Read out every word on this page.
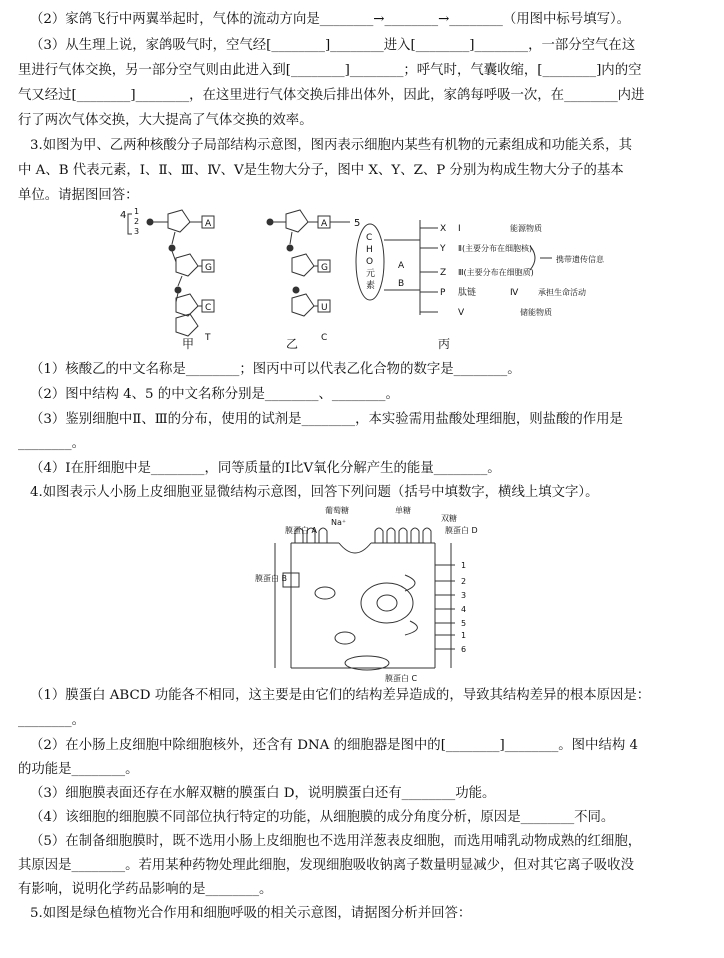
（2）家鸽飞行中两翼举起时，气体的流动方向是________→________→________（用图中标号填写）。
（3）从生理上说，家鸽吸气时，空气经[________]________进入[________]________，一部分空气在这
里进行气体交换，另一部分空气则由此进入到[________]________；呼气时，气囊收缩，[________]内的空
气又经过[________]________，在这里进行气体交换后排出体外，因此，家鸽每呼吸一次，在________内进
行了两次气体交换，大大提高了气体交换的效率。
3.如图为甲、乙两种核酸分子局部结构示意图，图丙表示细胞内某些有机物的元素组成和功能关系，其
中 A、B 代表元素，Ⅰ、Ⅱ、Ⅲ、Ⅳ、Ⅴ是生物大分子，图中 X、Y、Z、P 分别为构成生物大分子的基本
单位。请据图回答：
4 1
2
3
A
G
C
T
A
G
U
C
5
C
H
O
元
素
A
B
X
Y
Z
P
Ⅰ
Ⅱ(主要分布在细胞核)
Ⅲ(主要分布在细胞质)
肽链	Ⅳ
Ⅴ
能源物质
携带遗传信息
承担生命活动
储能物质
甲	乙	丙
（1）核酸乙的中文名称是________；图丙中可以代表乙化合物的数字是________。
（2）图中结构 4、5 的中文名称分别是________、________。
（3）鉴别细胞中Ⅱ、Ⅲ的分布，使用的试剂是________，本实验需用盐酸处理细胞，则盐酸的作用是
________。
（4）Ⅰ在肝细胞中是________，同等质量的Ⅰ比Ⅴ氧化分解产生的能量________。
4.如图表示人小肠上皮细胞亚显微结构示意图，回答下列问题（括号中填数字，横线上填文字）。
葡萄糖
Na⁺
单糖
双糖
膜蛋白 A	膜蛋白 D
膜蛋白 B
膜蛋白 C
1
2
3
4
5
1
6
（1）膜蛋白 ABCD 功能各不相同，这主要是由它们的结构差异造成的，导致其结构差异的根本原因是：
________。
（2）在小肠上皮细胞中除细胞核外，还含有 DNA 的细胞器是图中的[________]________。图中结构 4
的功能是________。
（3）细胞膜表面还存在水解双糖的膜蛋白 D，说明膜蛋白还有________功能。
（4）该细胞的细胞膜不同部位执行特定的功能，从细胞膜的成分角度分析，原因是________不同。
（5）在制备细胞膜时，既不选用小肠上皮细胞也不选用洋葱表皮细胞，而选用哺乳动物成熟的红细胞，
其原因是________。若用某种药物处理此细胞，发现细胞吸收钠离子数量明显减少，但对其它离子吸收没
有影响，说明化学药品影响的是________。
5.如图是绿色植物光合作用和细胞呼吸的相关示意图，请据图分析并回答：
